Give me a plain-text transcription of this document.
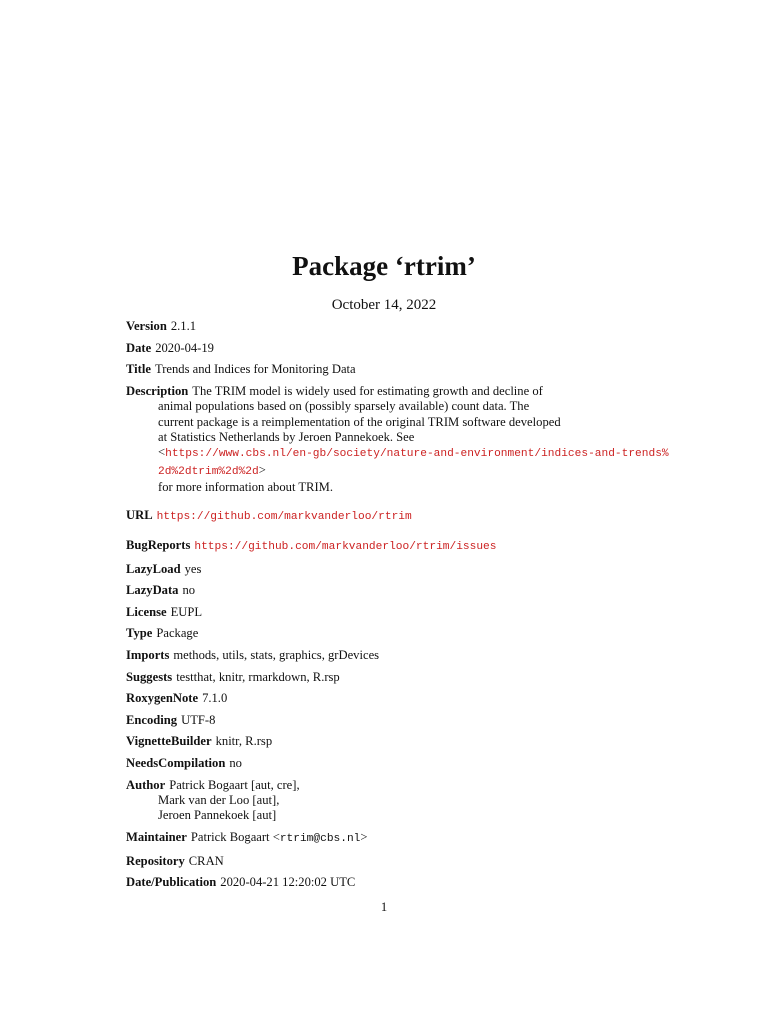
Package ‘rtrim’
October 14, 2022
Version 2.1.1
Date 2020-04-19
Title Trends and Indices for Monitoring Data
Description The TRIM model is widely used for estimating growth and decline of
animal populations based on (possibly sparsely available) count data. The
current package is a reimplementation of the original TRIM software developed
at Statistics Netherlands by Jeroen Pannekoek. See
<https://www.cbs.nl/en-gb/society/nature-and-environment/indices-and-trends%
2d%2dtrim%2d%2d>
for more information about TRIM.
URL https://github.com/markvanderloo/rtrim
BugReports https://github.com/markvanderloo/rtrim/issues
LazyLoad yes
LazyData no
License EUPL
Type Package
Imports methods, utils, stats, graphics, grDevices
Suggests testthat, knitr, rmarkdown, R.rsp
RoxygenNote 7.1.0
Encoding UTF-8
VignetteBuilder knitr, R.rsp
NeedsCompilation no
Author Patrick Bogaart [aut, cre],
Mark van der Loo [aut],
Jeroen Pannekoek [aut]
Maintainer Patrick Bogaart <rtrim@cbs.nl>
Repository CRAN
Date/Publication 2020-04-21 12:20:02 UTC
1
